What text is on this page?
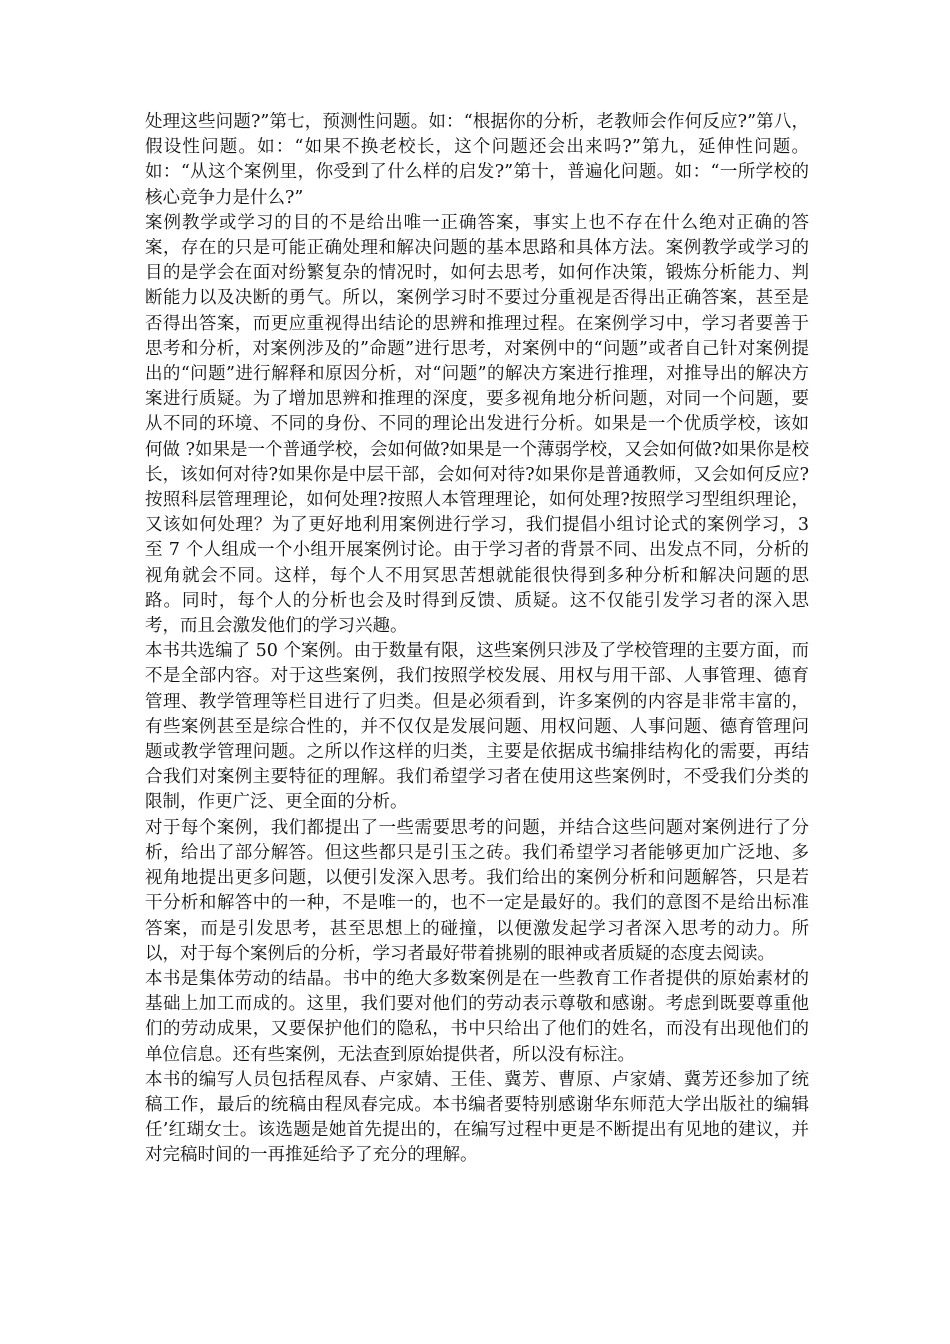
处理这些问题?”第七，预测性问题。如：“根据你的分析，老教师会作何反应?”第八，假设性问题。如：“如果不换老校长，这个问题还会出来吗?”第九，延伸性问题。如：“从这个案例里，你受到了什么样的启发?”第十，普遍化问题。如：“一所学校的核心竞争力是什么?”

案例教学或学习的目的不是给出唯一正确答案，事实上也不存在什么绝对正确的答案，存在的只是可能正确处理和解决问题的基本思路和具体方法。案例教学或学习的目的是学会在面对纷繁复杂的情况时，如何去思考，如何作决策，锻炼分析能力、判断能力以及决断的勇气。所以，案例学习时不要过分重视是否得出正确答案，甚至是否得出答案，而更应重视得出结论的思辨和推理过程。在案例学习中，学习者要善于思考和分析，对案例涉及的”命题”进行思考，对案例中的“问题”或者自己针对案例提出的“问题”进行解释和原因分析，对“问题”的解决方案进行推理，对推导出的解决方案进行质疑。为了增加思辨和推理的深度，要多视角地分析问题，对同一个问题，要从不同的环境、不同的身份、不同的理论出发进行分析。如果是一个优质学校，该如何做 ?如果是一个普通学校，会如何做?如果是一个薄弱学校，又会如何做?如果你是校长，该如何对待?如果你是中层干部，会如何对待?如果你是普通教师，又会如何反应?按照科层管理理论，如何处理?按照人本管理理论，如何处理?按照学习型组织理论，又该如何处理？为了更好地利用案例进行学习，我们提倡小组讨论式的案例学习，3 至 7 个人组成一个小组开展案例讨论。由于学习者的背景不同、出发点不同，分析的视角就会不同。这样，每个人不用冥思苦想就能很快得到多种分析和解决问题的思路。同时，每个人的分析也会及时得到反馈、质疑。这不仅能引发学习者的深入思考，而且会激发他们的学习兴趣。

本书共选编了 50 个案例。由于数量有限，这些案例只涉及了学校管理的主要方面，而不是全部内容。对于这些案例，我们按照学校发展、用权与用干部、人事管理、德育管理、教学管理等栏目进行了归类。但是必须看到，许多案例的内容是非常丰富的，有些案例甚至是综合性的，并不仅仅是发展问题、用权问题、人事问题、德育管理问题或教学管理问题。之所以作这样的归类，主要是依据成书编排结构化的需要，再结合我们对案例主要特征的理解。我们希望学习者在使用这些案例时，不受我们分类的限制，作更广泛、更全面的分析。

对于每个案例，我们都提出了一些需要思考的问题，并结合这些问题对案例进行了分析，给出了部分解答。但这些都只是引玉之砖。我们希望学习者能够更加广泛地、多视角地提出更多问题，以便引发深入思考。我们给出的案例分析和问题解答，只是若干分析和解答中的一种，不是唯一的，也不一定是最好的。我们的意图不是给出标准答案，而是引发思考，甚至思想上的碰撞，以便激发起学习者深入思考的动力。所以，对于每个案例后的分析，学习者最好带着挑剔的眼神或者质疑的态度去阅读。

本书是集体劳动的结晶。书中的绝大多数案例是在一些教育工作者提供的原始素材的基础上加工而成的。这里，我们要对他们的劳动表示尊敬和感谢。考虑到既要尊重他们的劳动成果，又要保护他们的隐私，书中只给出了他们的姓名，而没有出现他们的单位信息。还有些案例，无法查到原始提供者，所以没有标注。

本书的编写人员包括程凤春、卢家婧、王佳、冀芳、曹原、卢家婧、冀芳还参加了统稿工作，最后的统稿由程凤春完成。本书编者要特别感谢华东师范大学出版社的编辑任’红瑚女士。该选题是她首先提出的，在编写过程中更是不断提出有见地的建议，并对完稿时间的一再推延给予了充分的理解。
